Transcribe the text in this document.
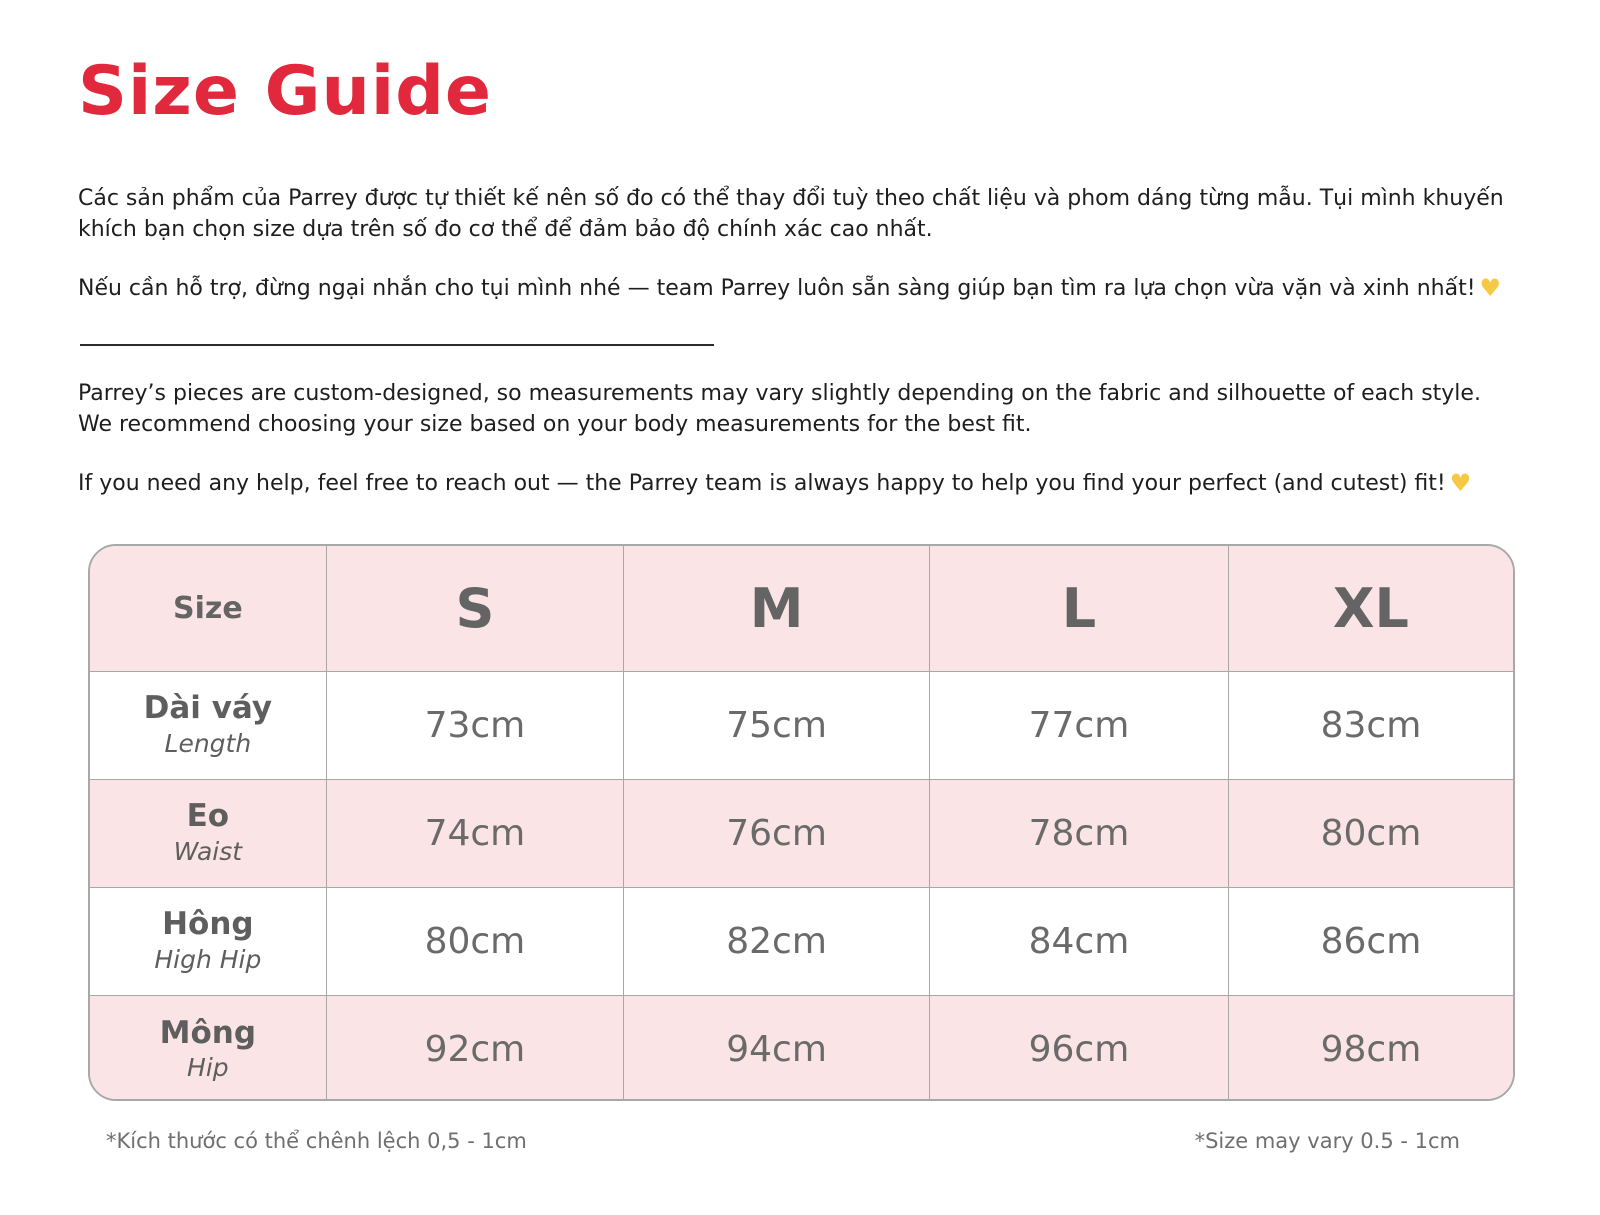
Size Guide

Các sản phẩm của Parrey được tự thiết kế nên số đo có thể thay đổi tuỳ theo chất liệu và phom dáng từng mẫu. Tụi mình khuyến khích bạn chọn size dựa trên số đo cơ thể để đảm bảo độ chính xác cao nhất.

Nếu cần hỗ trợ, đừng ngại nhắn cho tụi mình nhé — team Parrey luôn sẵn sàng giúp bạn tìm ra lựa chọn vừa vặn và xinh nhất! ♥

Parrey’s pieces are custom-designed, so measurements may vary slightly depending on the fabric and silhouette of each style. We recommend choosing your size based on your body measurements for the best fit.

If you need any help, feel free to reach out — the Parrey team is always happy to help you find your perfect (and cutest) fit! ♥

Size	S	M	L	XL

Dài váy
Length	73cm	75cm	77cm	83cm

Eo
Waist	74cm	76cm	78cm	80cm

Hông
High Hip	80cm	82cm	84cm	86cm

Mông
Hip	92cm	94cm	96cm	98cm
*Kích thước có thể chênh lệch 0,5 - 1cm	*Size may vary 0.5 - 1cm
